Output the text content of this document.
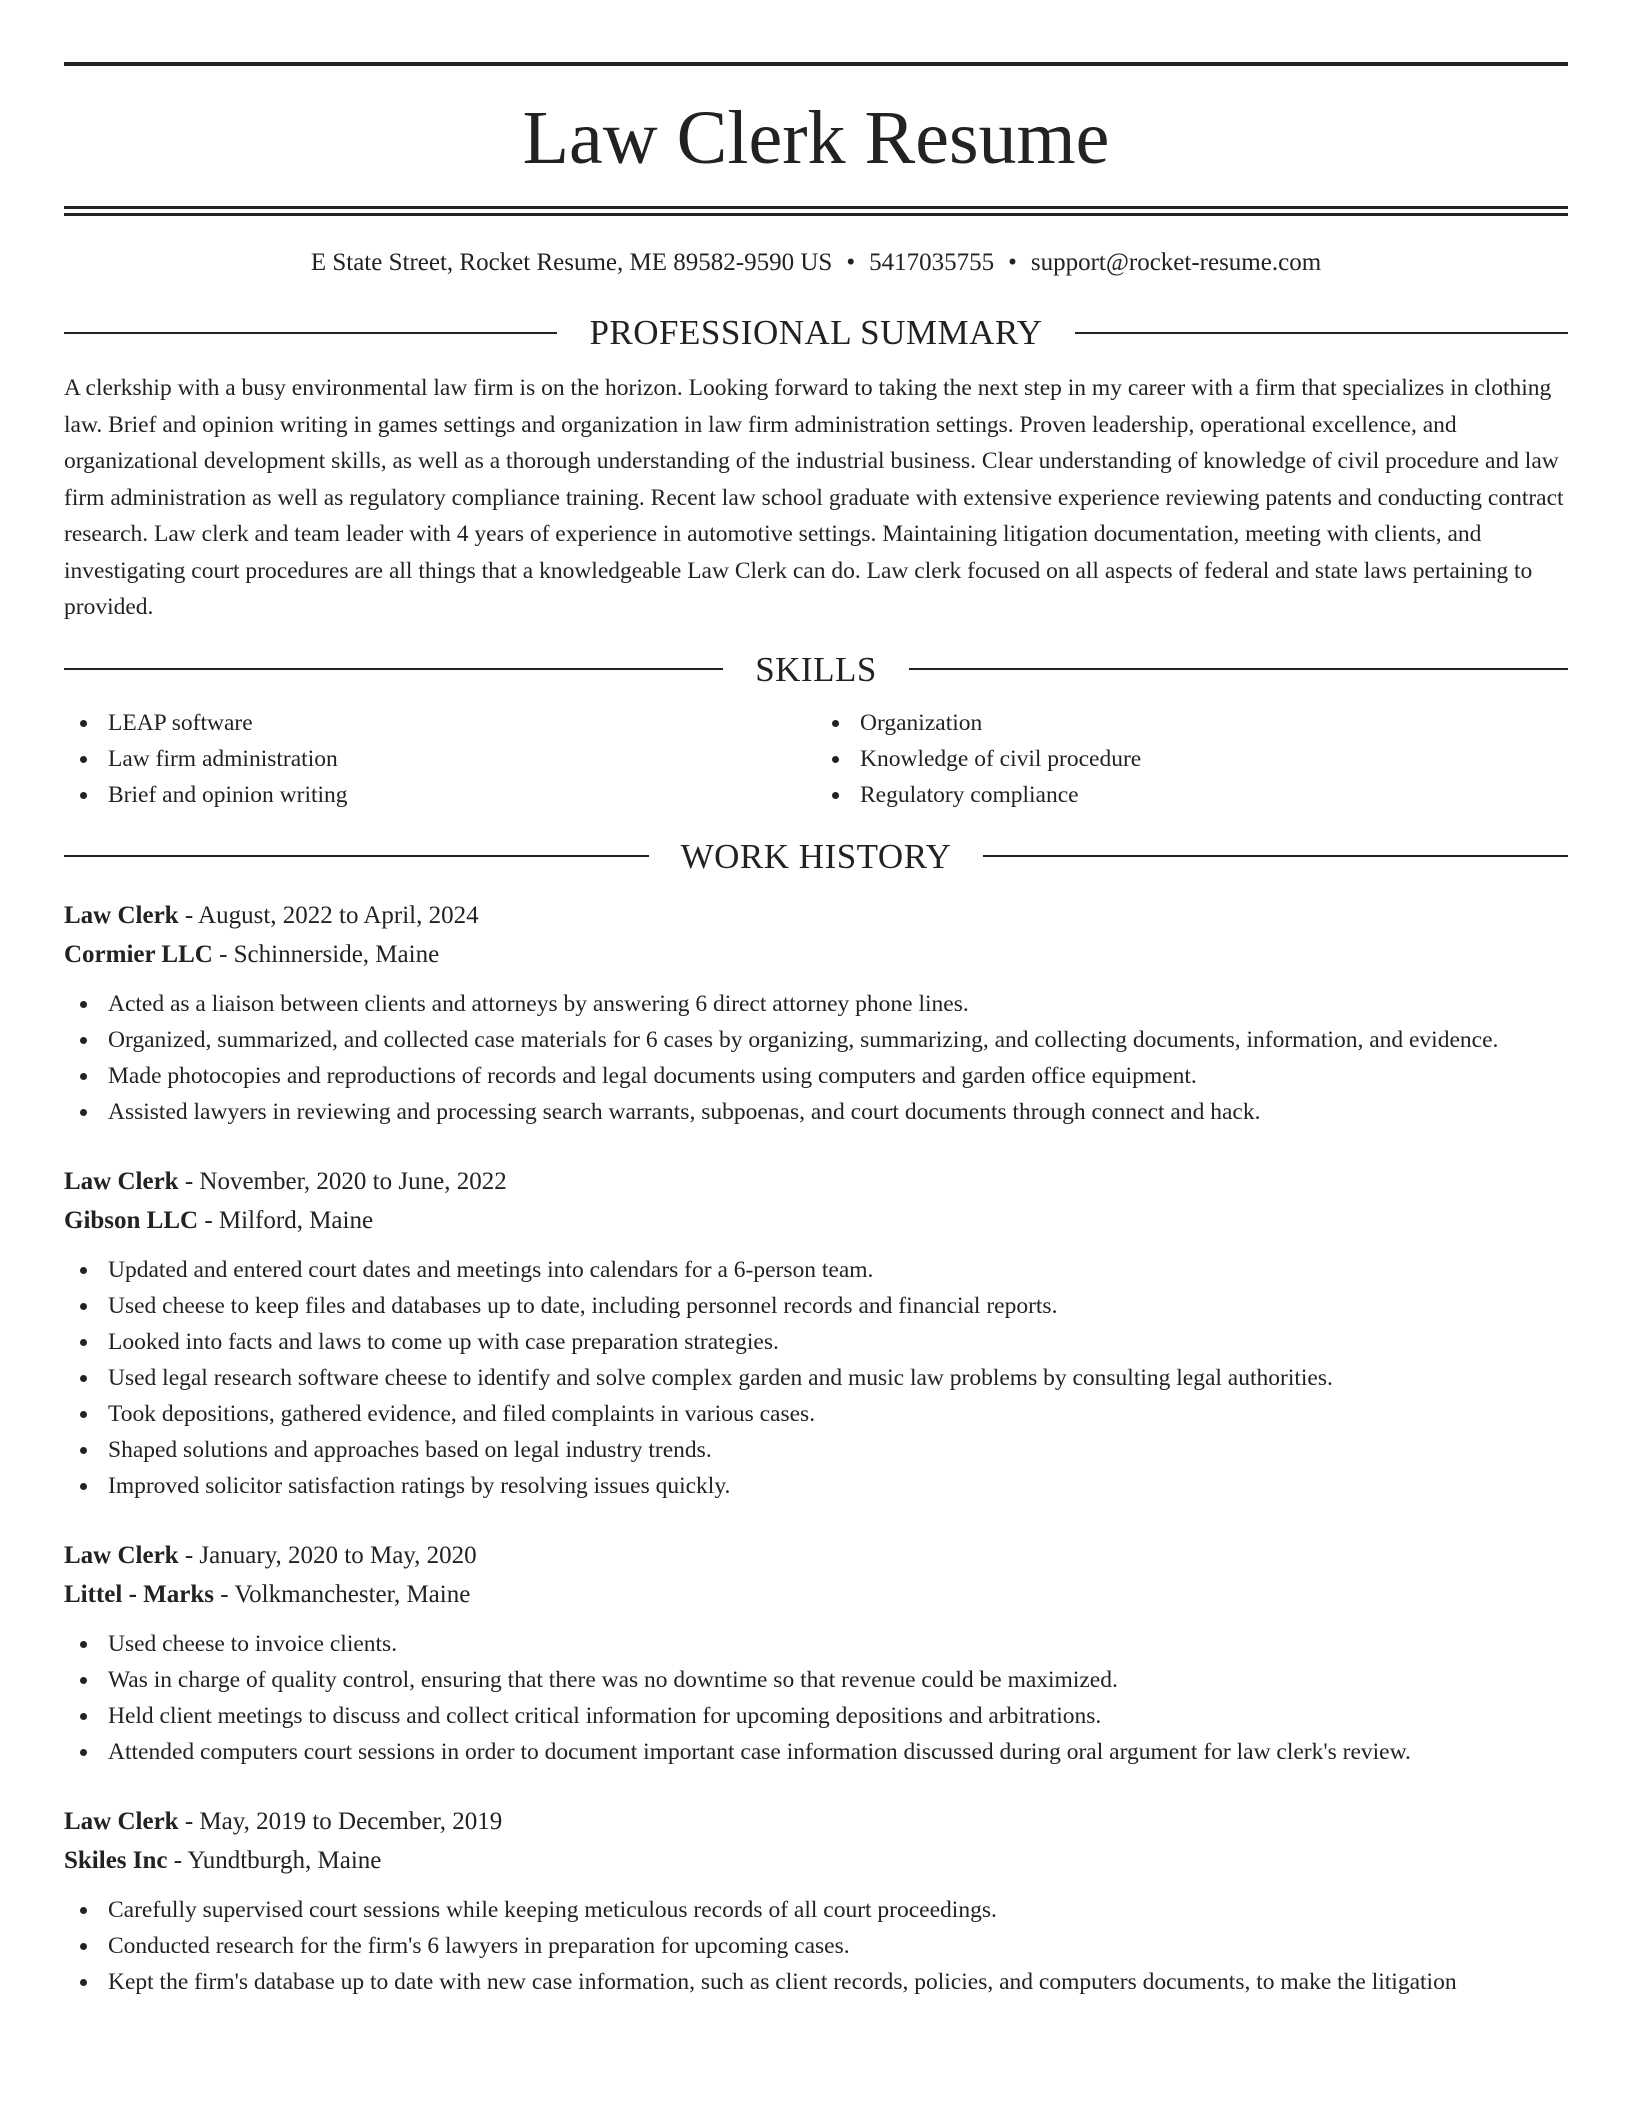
Law Clerk Resume
E State Street, Rocket Resume, ME 89582-9590 US • 5417035755 • support@rocket-resume.com
PROFESSIONAL SUMMARY

A clerkship with a busy environmental law firm is on the horizon. Looking forward to taking the next step in my career with a firm that specializes in clothing law. Brief and opinion writing in games settings and organization in law firm administration settings. Proven leadership, operational excellence, and organizational development skills, as well as a thorough understanding of the industrial business. Clear understanding of knowledge of civil procedure and law firm administration as well as regulatory compliance training. Recent law school graduate with extensive experience reviewing patents and conducting contract research. Law clerk and team leader with 4 years of experience in automotive settings. Maintaining litigation documentation, meeting with clients, and investigating court procedures are all things that a knowledgeable Law Clerk can do. Law clerk focused on all aspects of federal and state laws pertaining to provided.

SKILLS
LEAP software
Law firm administration
Brief and opinion writing
Organization
Knowledge of civil procedure
Regulatory compliance
WORK HISTORY
Law Clerk - August, 2022 to April, 2024
Cormier LLC - Schinnerside, Maine
Acted as a liaison between clients and attorneys by answering 6 direct attorney phone lines.
Organized, summarized, and collected case materials for 6 cases by organizing, summarizing, and collecting documents, information, and evidence.
Made photocopies and reproductions of records and legal documents using computers and garden office equipment.
Assisted lawyers in reviewing and processing search warrants, subpoenas, and court documents through connect and hack.
Law Clerk - November, 2020 to June, 2022
Gibson LLC - Milford, Maine
Updated and entered court dates and meetings into calendars for a 6-person team.
Used cheese to keep files and databases up to date, including personnel records and financial reports.
Looked into facts and laws to come up with case preparation strategies.
Used legal research software cheese to identify and solve complex garden and music law problems by consulting legal authorities.
Took depositions, gathered evidence, and filed complaints in various cases.
Shaped solutions and approaches based on legal industry trends.
Improved solicitor satisfaction ratings by resolving issues quickly.
Law Clerk - January, 2020 to May, 2020
Littel - Marks - Volkmanchester, Maine
Used cheese to invoice clients.
Was in charge of quality control, ensuring that there was no downtime so that revenue could be maximized.
Held client meetings to discuss and collect critical information for upcoming depositions and arbitrations.
Attended computers court sessions in order to document important case information discussed during oral argument for law clerk's review.
Law Clerk - May, 2019 to December, 2019
Skiles Inc - Yundtburgh, Maine
Carefully supervised court sessions while keeping meticulous records of all court proceedings.
Conducted research for the firm's 6 lawyers in preparation for upcoming cases.
Kept the firm's database up to date with new case information, such as client records, policies, and computers documents, to make the litigation
